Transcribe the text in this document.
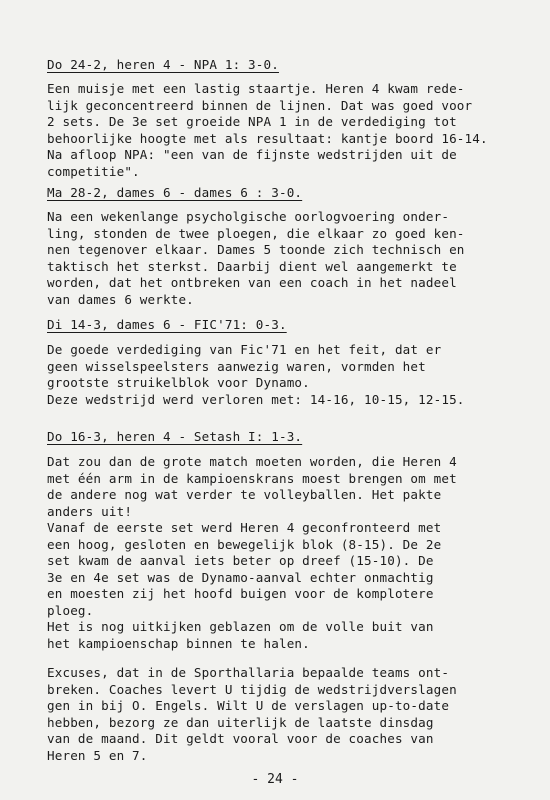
Do 24-2, heren 4 - NPA 1: 3-0.
Een muisje met een lastig staartje. Heren 4 kwam rede-
lijk geconcentreerd binnen de lijnen. Dat was goed voor
2 sets. De 3e set groeide NPA 1 in de verdediging tot
behoorlijke hoogte met als resultaat: kantje boord 16-14.
Na afloop NPA: "een van de fijnste wedstrijden uit de
competitie".
Ma 28-2, dames 6 - dames 6 : 3-0.
Na een wekenlange psycholgische oorlogvoering onder-
ling, stonden de twee ploegen, die elkaar zo goed ken-
nen tegenover elkaar. Dames 5 toonde zich technisch en
taktisch het sterkst. Daarbij dient wel aangemerkt te
worden, dat het ontbreken van een coach in het nadeel
van dames 6 werkte.
Di 14-3, dames 6 - FIC'71: 0-3.
De goede verdediging van Fic'71 en het feit, dat er
geen wisselspeelsters aanwezig waren, vormden het
grootste struikelblok voor Dynamo.
Deze wedstrijd werd verloren met: 14-16, 10-15, 12-15.
Do 16-3, heren 4 - Setash I: 1-3.
Dat zou dan de grote match moeten worden, die Heren 4
met één arm in de kampioenskrans moest brengen om met
de andere nog wat verder te volleyballen. Het pakte
anders uit!
Vanaf de eerste set werd Heren 4 geconfronteerd met
een hoog, gesloten en bewegelijk blok (8-15). De 2e
set kwam de aanval iets beter op dreef (15-10). De
3e en 4e set was de Dynamo-aanval echter onmachtig
en moesten zij het hoofd buigen voor de komplotere
ploeg.
Het is nog uitkijken geblazen om de volle buit van
het kampioenschap binnen te halen.
Excuses, dat in de Sporthallaria bepaalde teams ont-
breken. Coaches levert U tijdig de wedstrijdverslagen
gen in bij O. Engels. Wilt U de verslagen up-to-date
hebben, bezorg ze dan uiterlijk de laatste dinsdag
van de maand. Dit geldt vooral voor de coaches van
Heren 5 en 7.
- 24 -
